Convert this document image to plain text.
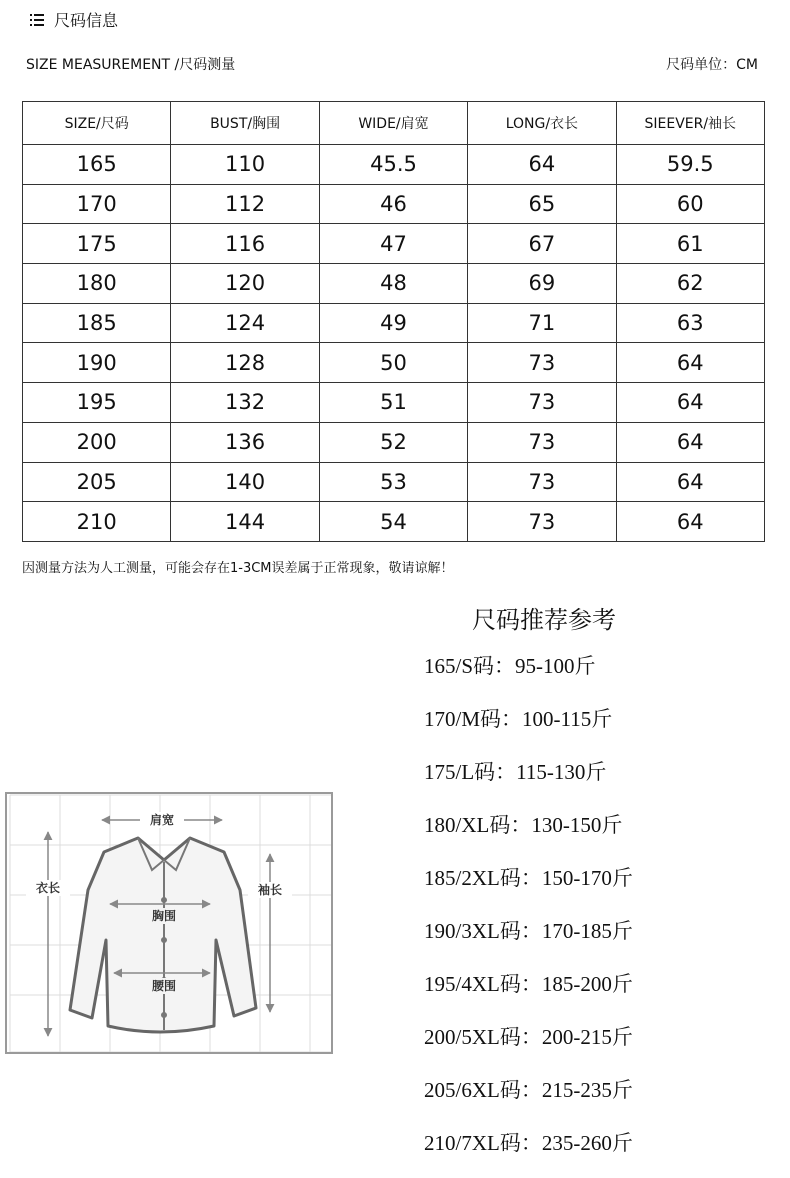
尺码信息
SIZE MEASUREMENT /尺码测量	尺码单位：CM
SIZE/尺码	BUST/胸围	WIDE/肩宽	LONG/衣长	SIEEVER/袖长
165	110	45.5	64	59.5
170	112	46	65	60
175	116	47	67	61
180	120	48	69	62
185	124	49	71	63
190	128	50	73	64
195	132	51	73	64
200	136	52	73	64
205	140	53	73	64
210	144	54	73	64
因测量方法为人工测量，可能会存在1-3CM误差属于正常现象，敬请谅解！
尺码推荐参考
165/S码：95-100斤
170/M码：100-115斤
175/L码：115-130斤
180/XL码：130-150斤
185/2XL码：150-170斤
190/3XL码：170-185斤
195/4XL码：185-200斤
200/5XL码：200-215斤
205/6XL码：215-235斤
210/7XL码：235-260斤
肩宽
衣长	袖长
胸围
腰围
